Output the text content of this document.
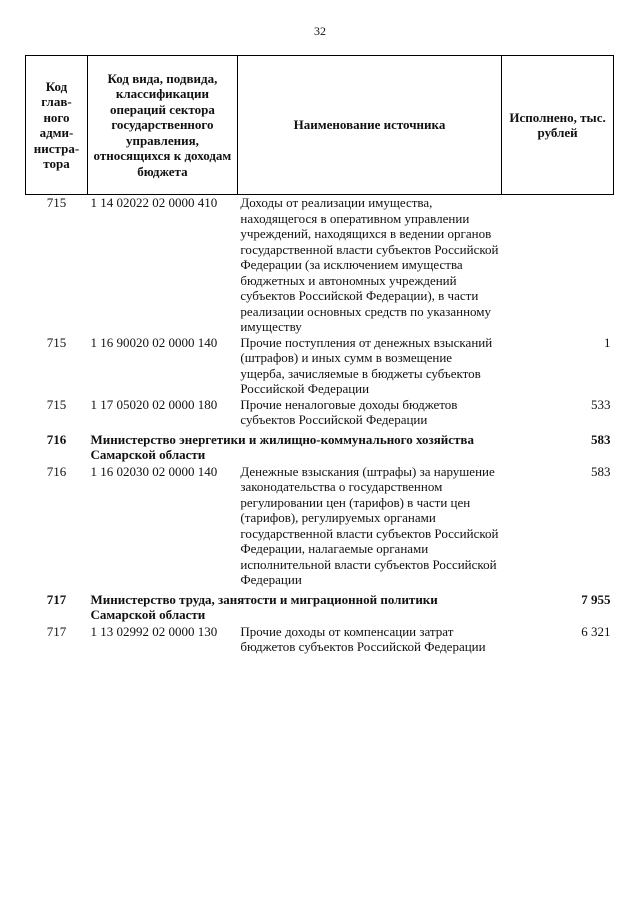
32
Код глав-ного адми-нистра-тора	Код вида, подвида, классификации операций сектора государственного управления, относящихся к доходам бюджета	Наименование источника	Исполнено, тыс. рублей
715	1 14 02022 02 0000 410	Доходы от реализации имущества, находящегося в оперативном управлении учреждений, находящихся в ведении органов государственной власти субъектов Российской Федерации (за исключением имущества бюджетных и автономных учреждений субъектов Российской Федерации), в части реализации основных средств по указанному имуществу	
715	1 16 90020 02 0000 140	Прочие поступления от денежных взысканий (штрафов) и иных сумм в возмещение ущерба, зачисляемые в бюджеты субъектов Российской Федерации	1
715	1 17 05020 02 0000 180	Прочие неналоговые доходы бюджетов субъектов Российской Федерации	533
716	Министерство энергетики и жилищно-коммунального хозяйства Самарской области		583
716	1 16 02030 02 0000 140	Денежные взыскания (штрафы) за нарушение законодательства о государственном регулировании цен (тарифов) в части цен (тарифов), регулируемых органами государственной власти субъектов Российской Федерации, налагаемые органами исполнительной власти субъектов Российской Федерации	583
717	Министерство труда, занятости и миграционной политики Самарской области		7 955
717	1 13 02992 02 0000 130	Прочие доходы от компенсации затрат бюджетов субъектов Российской Федерации	6 321
